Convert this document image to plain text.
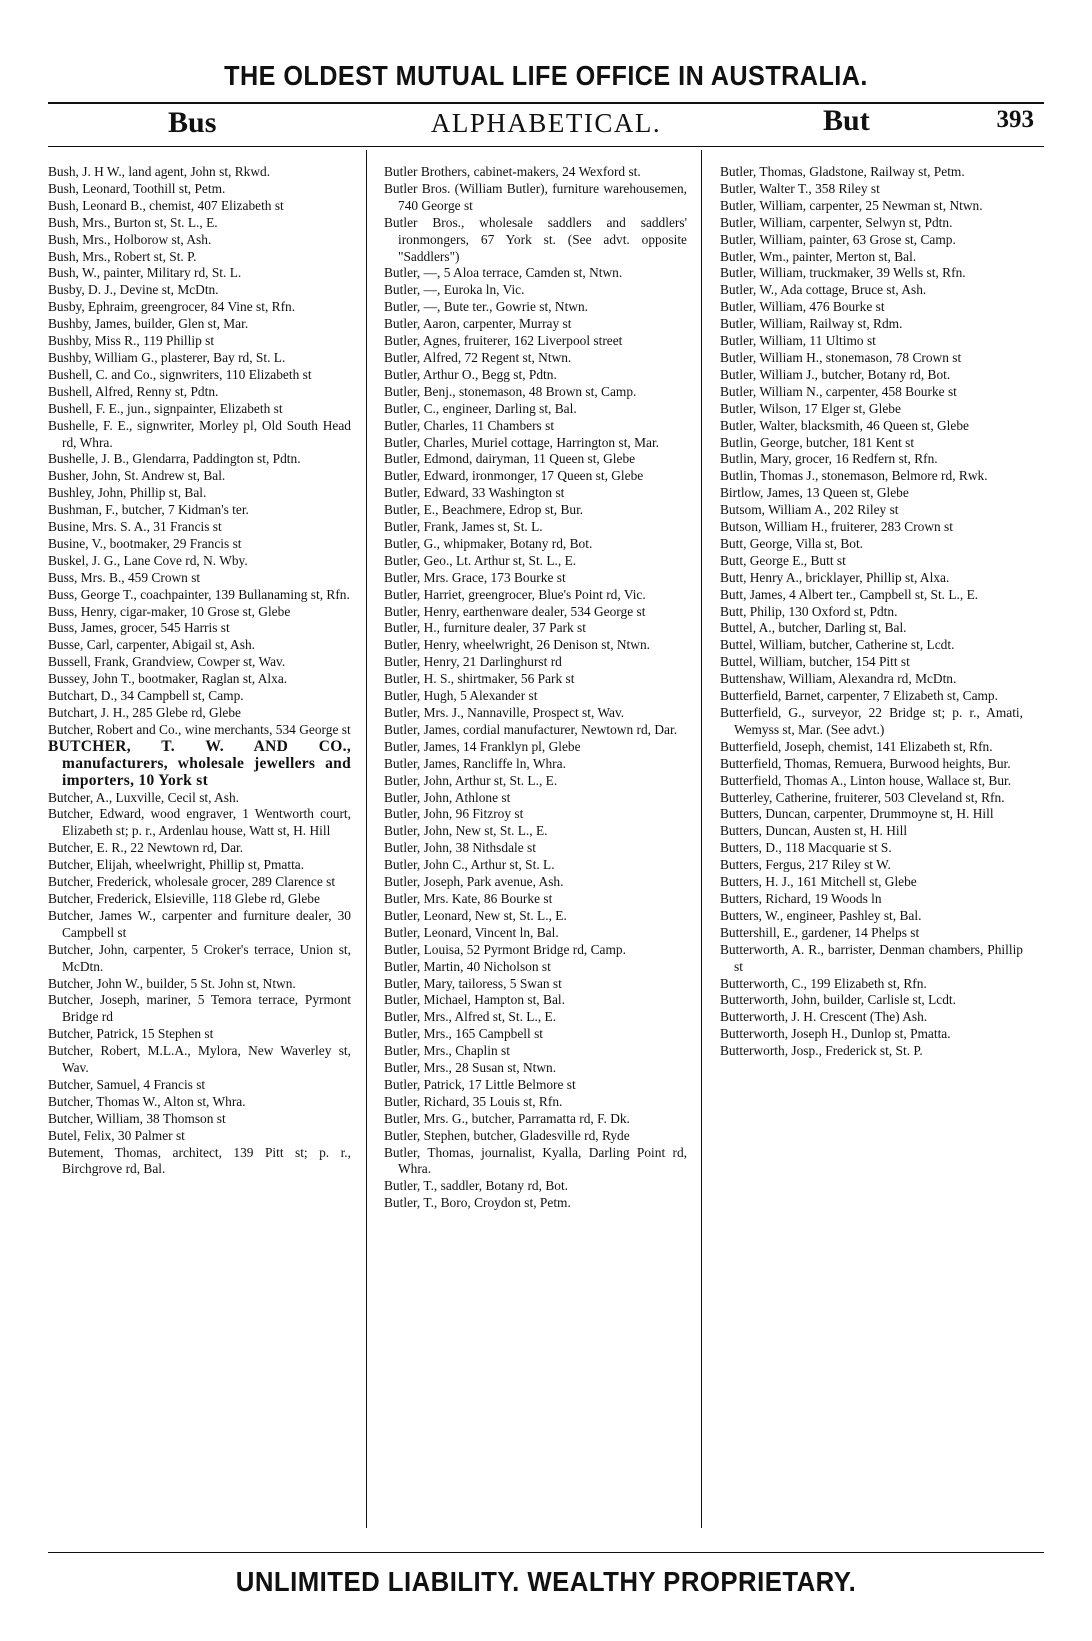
THE OLDEST MUTUAL LIFE OFFICE IN AUSTRALIA.
Bus	ALPHABETICAL.	But	393

Bush, J. H W., land agent, John st, Rkwd.

Bush, Leonard, Toothill st, Petm.

Bush, Leonard B., chemist, 407 Elizabeth st

Bush, Mrs., Burton st, St. L., E.

Bush, Mrs., Holborow st, Ash.

Bush, Mrs., Robert st, St. P.

Bush, W., painter, Military rd, St. L.

Busby, D. J., Devine st, McDtn.

Busby, Ephraim, greengrocer, 84 Vine st, Rfn.

Bushby, James, builder, Glen st, Mar.

Bushby, Miss R., 119 Phillip st

Bushby, William G., plasterer, Bay rd, St. L.

Bushell, C. and Co., signwriters, 110 Elizabeth st

Bushell, Alfred, Renny st, Pdtn.

Bushell, F. E., jun., signpainter, Elizabeth st

Bushelle, F. E., signwriter, Morley pl, Old South Head rd, Whra.

Bushelle, J. B., Glendarra, Paddington st, Pdtn.

Busher, John, St. Andrew st, Bal.

Bushley, John, Phillip st, Bal.

Bushman, F., butcher, 7 Kidman's ter.

Busine, Mrs. S. A., 31 Francis st

Busine, V., bootmaker, 29 Francis st

Buskel, J. G., Lane Cove rd, N. Wby.

Buss, Mrs. B., 459 Crown st

Buss, George T., coachpainter, 139 Bullanaming st, Rfn.

Buss, Henry, cigar-maker, 10 Grose st, Glebe

Buss, James, grocer, 545 Harris st

Busse, Carl, carpenter, Abigail st, Ash.

Bussell, Frank, Grandview, Cowper st, Wav.

Bussey, John T., bootmaker, Raglan st, Alxa.

Butchart, D., 34 Campbell st, Camp.

Butchart, J. H., 285 Glebe rd, Glebe

Butcher, Robert and Co., wine merchants, 534 George st

BUTCHER, T. W. AND CO., manufacturers, wholesale jewellers and importers, 10 York st

Butcher, A., Luxville, Cecil st, Ash.

Butcher, Edward, wood engraver, 1 Wentworth court, Elizabeth st; p. r., Ardenlau house, Watt st, H. Hill

Butcher, E. R., 22 Newtown rd, Dar.

Butcher, Elijah, wheelwright, Phillip st, Pmatta.

Butcher, Frederick, wholesale grocer, 289 Clarence st

Butcher, Frederick, Elsieville, 118 Glebe rd, Glebe

Butcher, James W., carpenter and furniture dealer, 30 Campbell st

Butcher, John, carpenter, 5 Croker's terrace, Union st, McDtn.

Butcher, John W., builder, 5 St. John st, Ntwn.

Butcher, Joseph, mariner, 5 Temora terrace, Pyrmont Bridge rd

Butcher, Patrick, 15 Stephen st

Butcher, Robert, M.L.A., Mylora, New Waverley st, Wav.

Butcher, Samuel, 4 Francis st

Butcher, Thomas W., Alton st, Whra.

Butcher, William, 38 Thomson st

Butel, Felix, 30 Palmer st

Butement, Thomas, architect, 139 Pitt st; p. r., Birchgrove rd, Bal.

Butler Brothers, cabinet-makers, 24 Wexford st.

Butler Bros. (William Butler), furniture warehousemen, 740 George st

Butler Bros., wholesale saddlers and saddlers' ironmongers, 67 York st. (See advt. opposite "Saddlers")

Butler, —, 5 Aloa terrace, Camden st, Ntwn.

Butler, —, Euroka ln, Vic.

Butler, —, Bute ter., Gowrie st, Ntwn.

Butler, Aaron, carpenter, Murray st

Butler, Agnes, fruiterer, 162 Liverpool street

Butler, Alfred, 72 Regent st, Ntwn.

Butler, Arthur O., Begg st, Pdtn.

Butler, Benj., stonemason, 48 Brown st, Camp.

Butler, C., engineer, Darling st, Bal.

Butler, Charles, 11 Chambers st

Butler, Charles, Muriel cottage, Harrington st, Mar.

Butler, Edmond, dairyman, 11 Queen st, Glebe

Butler, Edward, ironmonger, 17 Queen st, Glebe

Butler, Edward, 33 Washington st

Butler, E., Beachmere, Edrop st, Bur.

Butler, Frank, James st, St. L.

Butler, G., whipmaker, Botany rd, Bot.

Butler, Geo., Lt. Arthur st, St. L., E.

Butler, Mrs. Grace, 173 Bourke st

Butler, Harriet, greengrocer, Blue's Point rd, Vic.

Butler, Henry, earthenware dealer, 534 George st

Butler, H., furniture dealer, 37 Park st

Butler, Henry, wheelwright, 26 Denison st, Ntwn.

Butler, Henry, 21 Darlinghurst rd

Butler, H. S., shirtmaker, 56 Park st

Butler, Hugh, 5 Alexander st

Butler, Mrs. J., Nannaville, Prospect st, Wav.

Butler, James, cordial manufacturer, Newtown rd, Dar.

Butler, James, 14 Franklyn pl, Glebe

Butler, James, Rancliffe ln, Whra.

Butler, John, Arthur st, St. L., E.

Butler, John, Athlone st

Butler, John, 96 Fitzroy st

Butler, John, New st, St. L., E.

Butler, John, 38 Nithsdale st

Butler, John C., Arthur st, St. L.

Butler, Joseph, Park avenue, Ash.

Butler, Mrs. Kate, 86 Bourke st

Butler, Leonard, New st, St. L., E.

Butler, Leonard, Vincent ln, Bal.

Butler, Louisa, 52 Pyrmont Bridge rd, Camp.

Butler, Martin, 40 Nicholson st

Butler, Mary, tailoress, 5 Swan st

Butler, Michael, Hampton st, Bal.

Butler, Mrs., Alfred st, St. L., E.

Butler, Mrs., 165 Campbell st

Butler, Mrs., Chaplin st

Butler, Mrs., 28 Susan st, Ntwn.

Butler, Patrick, 17 Little Belmore st

Butler, Richard, 35 Louis st, Rfn.

Butler, Mrs. G., butcher, Parramatta rd, F. Dk.

Butler, Stephen, butcher, Gladesville rd, Ryde

Butler, Thomas, journalist, Kyalla, Darling Point rd, Whra.

Butler, T., saddler, Botany rd, Bot.

Butler, T., Boro, Croydon st, Petm.

Butler, Thomas, Gladstone, Railway st, Petm.

Butler, Walter T., 358 Riley st

Butler, William, carpenter, 25 Newman st, Ntwn.

Butler, William, carpenter, Selwyn st, Pdtn.

Butler, William, painter, 63 Grose st, Camp.

Butler, Wm., painter, Merton st, Bal.

Butler, William, truckmaker, 39 Wells st, Rfn.

Butler, W., Ada cottage, Bruce st, Ash.

Butler, William, 476 Bourke st

Butler, William, Railway st, Rdm.

Butler, William, 11 Ultimo st

Butler, William H., stonemason, 78 Crown st

Butler, William J., butcher, Botany rd, Bot.

Butler, William N., carpenter, 458 Bourke st

Butler, Wilson, 17 Elger st, Glebe

Butler, Walter, blacksmith, 46 Queen st, Glebe

Butlin, George, butcher, 181 Kent st

Butlin, Mary, grocer, 16 Redfern st, Rfn.

Butlin, Thomas J., stonemason, Belmore rd, Rwk.

Birtlow, James, 13 Queen st, Glebe

Butsom, William A., 202 Riley st

Butson, William H., fruiterer, 283 Crown st

Butt, George, Villa st, Bot.

Butt, George E., Butt st

Butt, Henry A., bricklayer, Phillip st, Alxa.

Butt, James, 4 Albert ter., Campbell st, St. L., E.

Butt, Philip, 130 Oxford st, Pdtn.

Buttel, A., butcher, Darling st, Bal.

Buttel, William, butcher, Catherine st, Lcdt.

Buttel, William, butcher, 154 Pitt st

Buttenshaw, William, Alexandra rd, McDtn.

Butterfield, Barnet, carpenter, 7 Elizabeth st, Camp.

Butterfield, G., surveyor, 22 Bridge st; p. r., Amati, Wemyss st, Mar. (See advt.)

Butterfield, Joseph, chemist, 141 Elizabeth st, Rfn.

Butterfield, Thomas, Remuera, Burwood heights, Bur.

Butterfield, Thomas A., Linton house, Wallace st, Bur.

Butterley, Catherine, fruiterer, 503 Cleveland st, Rfn.

Butters, Duncan, carpenter, Drummoyne st, H. Hill

Butters, Duncan, Austen st, H. Hill

Butters, D., 118 Macquarie st S.

Butters, Fergus, 217 Riley st W.

Butters, H. J., 161 Mitchell st, Glebe

Butters, Richard, 19 Woods ln

Butters, W., engineer, Pashley st, Bal.

Buttershill, E., gardener, 14 Phelps st

Butterworth, A. R., barrister, Denman chambers, Phillip st

Butterworth, C., 199 Elizabeth st, Rfn.

Butterworth, John, builder, Carlisle st, Lcdt.

Butterworth, J. H. Crescent (The) Ash.

Butterworth, Joseph H., Dunlop st, Pmatta.

Butterworth, Josp., Frederick st, St. P.

UNLIMITED LIABILITY. WEALTHY PROPRIETARY.
